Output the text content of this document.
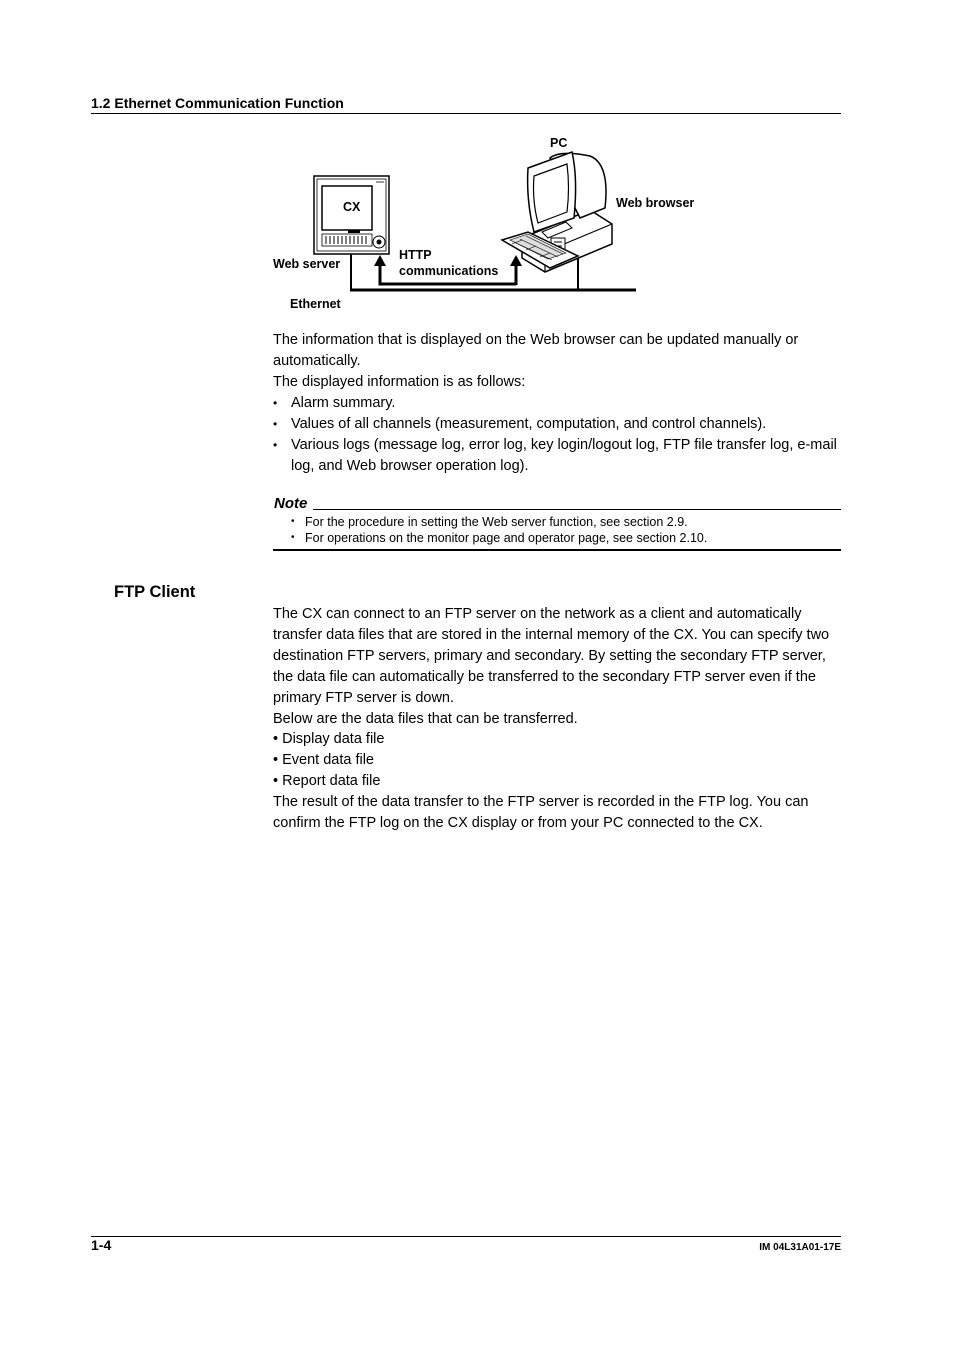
1.2 Ethernet Communication Function
CX
PC
Web browser
Web server
HTTP
communications
Ethernet
The information that is displayed on the Web browser can be updated manually or
automatically.
The displayed information is as follows:
• Alarm summary.
• Values of all channels (measurement, computation, and control channels).
• Various logs (message log, error log, key login/logout log, FTP file transfer log, e-mail
log, and Web browser operation log).
Note
• For the procedure in setting the Web server function, see section 2.9.
• For operations on the monitor page and operator page, see section 2.10.
FTP Client
The CX can connect to an FTP server on the network as a client and automatically
transfer data files that are stored in the internal memory of the CX. You can specify two
destination FTP servers, primary and secondary. By setting the secondary FTP server,
the data file can automatically be transferred to the secondary FTP server even if the
primary FTP server is down.
Below are the data files that can be transferred.
• Display data file
• Event data file
• Report data file
The result of the data transfer to the FTP server is recorded in the FTP log. You can
confirm the FTP log on the CX display or from your PC connected to the CX.
1-4	IM 04L31A01-17E
